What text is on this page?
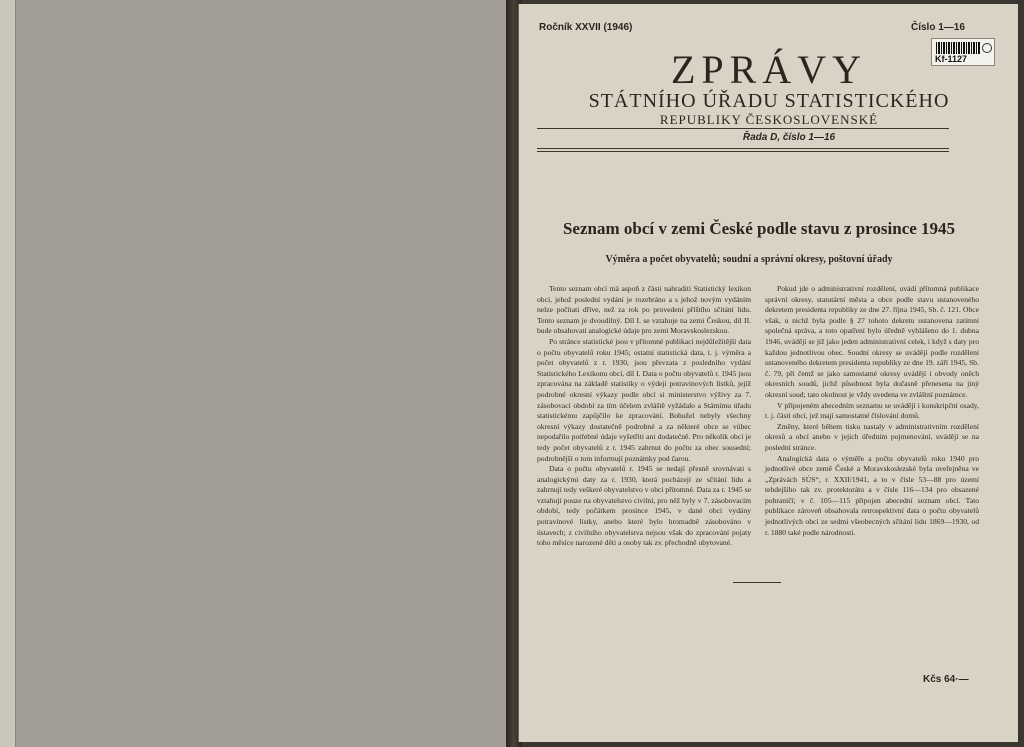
Ročník XXVII (1946)	Číslo 1—16
Kf-1127
ZPRÁVY
STÁTNÍHO ÚŘADU STATISTICKÉHO
REPUBLIKY ČESKOSLOVENSKÉ
Řada D, číslo 1—16
Seznam obcí v zemi České podle stavu z prosince 1945
Výměra a počet obyvatelů; soudní a správní okresy, poštovní úřady

Tento seznam obcí má aspoň z části nahraditi Statistický lexikon obcí, jehož poslední vydání je rozebráno a s jehož novým vydáním nelze počítati dříve, než za rok po provedení příštího sčítání lidu. Tento seznam je dvoudílný. Díl I. se vztahuje na zemi Českou, díl II. bude obsahovati analogické údaje pro zemi Moravskoslezskou.

Po stránce statistické jsou v přítomné publikaci nejdůležitější data o počtu obyvatelů roku 1945; ostatní statistická data, t. j. výměra a počet obyvatelů z r. 1930, jsou převzata z posledního vydání Statistického Lexikonu obcí, díl I. Data o počtu obyvatelů r. 1945 jsou zpracována na základě statistiky o výdeji potravinových lístků, jejíž podrobné okresní výkazy podle obcí si ministerstvo výživy za 7. zásobovací období za tím účelem zvláště vyžádalo a Státnímu úřadu statistickému zapůjčilo ke zpracování. Bohužel nebyly všechny okresní výkazy dostatečně podrobné a za některé obce se vůbec nepodařilo potřebné údaje vyšetřiti ani dodatečně. Pro několik obcí je tedy počet obyvatelů z r. 1945 zahrnut do počtu za obec sousední; podrobnější o tom informují poznámky pod čarou.

Data o počtu obyvatelů r. 1945 se nedají přesně srovnávati s analogickými daty za r. 1930, která pocházejí ze sčítání lidu a zahrnují tedy veškeré obyvatelstvo v obci přítomné. Data za r. 1945 se vztahují pouze na obyvatelstvo civilní, pro něž byly v 7. zásobovacím období, tedy počátkem prosince 1945, v dané obci vydány potravinové lístky, anebo které bylo hromadně zásobováno v ústavech; z civilního obyvatelstva nejsou však do zpracování pojaty toho měsíce narozené děti a osoby tak zv. přechodně ubytované.

Pokud jde o administrativní rozdělení, uvádí přítomná publikace správní okresy, statutární města a obce podle stavu ustanoveného dekretem presidenta republiky ze dne 27. října 1945, Sb. č. 121. Obce však, u nichž byla podle § 27 tohoto dekretu ustanovena zatímní společná správa, a toto opatření bylo úředně vyhlášeno do 1. dubna 1946, uváději se již jako jeden administrativní celek, i když s daty pro každou jednotlivou obec. Soudní okresy se uvádějí podle rozdělení ustanoveného dekretem presidenta republiky ze dne 19. září 1945, Sb. č. 79, při čemž se jako samostatné okresy uvádějí i obvody oněch okresních soudů, jichž působnost byla dočasně přenesena na jiný okresní soud; tato okolnost je vždy uvedena ve zvláštní poznámce.

V připojeném abecedním seznamu se uvádějí i konskripční osady, t. j. části obcí, jež mají samostatné číslování domů.

Změny, které během tisku nastaly v administrativním rozdělení okresů a obcí anebo v jejich úředním pojmenování, uvádějí se na poslední stránce.

Analogická data o výměře a počtu obyvatelů roku 1940 pro jednotlivé obce země České a Moravskoslezské byla uveřejněna ve „Zprávách SÚS“, r. XXII/1941, a to v čísle 53—88 pro území tehdejšího tak zv. protektorátu a v čísle 116—134 pro obsazené pohraničí; v č. 105—115 připojen abecední seznam obcí. Tato publikace zároveň obsahovala retrospektivní data o počtu obyvatelů jednotlivých obcí ze sedmi všeobecných sčítání lidu 1869—1930, od r. 1880 také podle národnosti.

Kčs 64·—
